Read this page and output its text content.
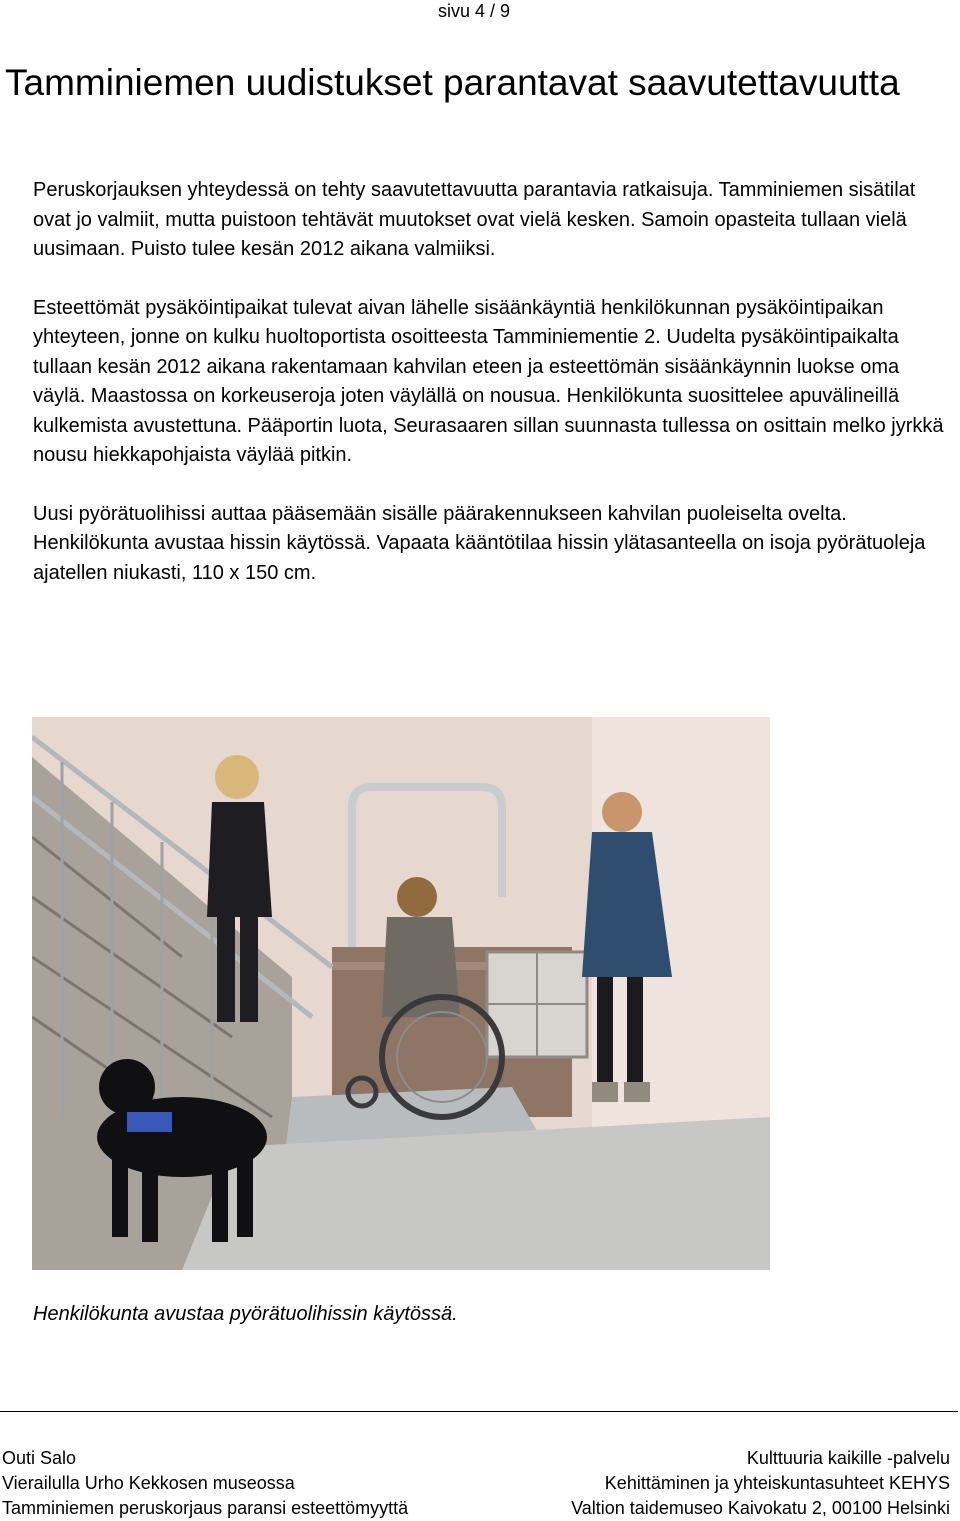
sivu 4 / 9

Tamminiemen uudistukset parantavat saavutettavuutta

Peruskorjauksen yhteydessä on tehty saavutettavuutta parantavia ratkaisuja. Tamminiemen sisätilat ovat jo valmiit, mutta puistoon tehtävät muutokset ovat vielä kesken. Samoin opasteita tullaan vielä uusimaan. Puisto tulee kesän 2012 aikana valmiiksi.

Esteettömät pysäköintipaikat tulevat aivan lähelle sisäänkäyntiä henkilökunnan pysäköintipaikan yhteyteen, jonne on kulku huoltoportista osoitteesta Tamminiementie 2. Uudelta pysäköintipaikalta tullaan kesän 2012 aikana rakentamaan kahvilan eteen ja esteettömän sisäänkäynnin luokse oma väylä. Maastossa on korkeuseroja joten väylällä on nousua. Henkilökunta suosittelee apuvälineillä kulkemista avustettuna. Pääportin luota, Seurasaaren sillan suunnasta tullessa on osittain melko jyrkkä nousu hiekkapohjaista väylää pitkin.

Uusi pyörätuolihissi auttaa pääsemään sisälle päärakennukseen kahvilan puoleiselta ovelta. Henkilökunta avustaa hissin käytössä. Vapaata kääntötilaa hissin ylätasanteella on isoja pyörätuoleja ajatellen niukasti, 110 x 150 cm.

Henkilökunta avustaa pyörätuolihissin käytössä.

Outi Salo
Vierailulla Urho Kekkosen museossa
Tamminiemen peruskorjaus paransi esteettömyyttä
Kulttuuria kaikille -palvelu
Kehittäminen ja yhteiskuntasuhteet KEHYS
Valtion taidemuseo Kaivokatu 2, 00100 Helsinki
